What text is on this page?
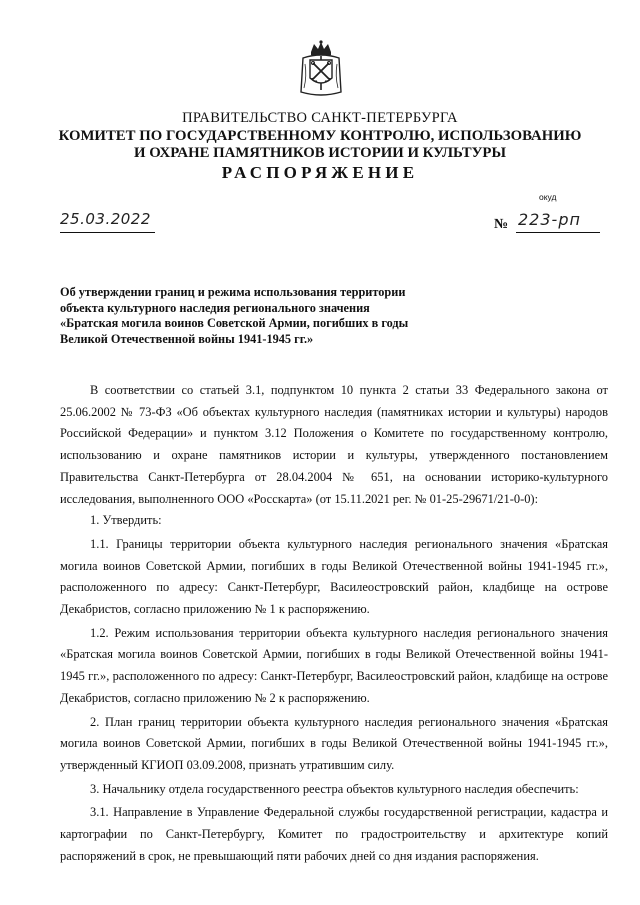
ПРАВИТЕЛЬСТВО САНКТ-ПЕТЕРБУРГА
КОМИТЕТ ПО ГОСУДАРСТВЕННОМУ КОНТРОЛЮ, ИСПОЛЬЗОВАНИЮ
И ОХРАНЕ ПАМЯТНИКОВ ИСТОРИИ И КУЛЬТУРЫ
РАСПОРЯЖЕНИЕ
окуд
25.03.2022	№ 223-рп
Об утверждении границ и режима использования территории
объекта культурного наследия регионального значения
«Братская могила воинов Советской Армии, погибших в годы
Великой Отечественной войны 1941-1945 гг.»

В соответствии со статьей 3.1, подпунктом 10 пункта 2 статьи 33 Федерального закона от 25.06.2002 № 73-ФЗ «Об объектах культурного наследия (памятниках истории и культуры) народов Российской Федерации» и пунктом 3.12 Положения о Комитете по государственному контролю, использованию и охране памятников истории и культуры, утвержденного постановлением Правительства Санкт-Петербурга от 28.04.2004 № 651, на основании историко-культурного исследования, выполненного ООО «Росскарта» (от 15.11.2021 рег. № 01-25-29671/21-0-0):

1. Утвердить:

1.1. Границы территории объекта культурного наследия регионального значения «Братская могила воинов Советской Армии, погибших в годы Великой Отечественной войны 1941-1945 гг.», расположенного по адресу: Санкт-Петербург, Василеостровский район, кладбище на острове Декабристов, согласно приложению № 1 к распоряжению.

1.2. Режим использования территории объекта культурного наследия регионального значения «Братская могила воинов Советской Армии, погибших в годы Великой Отечественной войны 1941-1945 гг.», расположенного по адресу: Санкт-Петербург, Василеостровский район, кладбище на острове Декабристов, согласно приложению № 2 к распоряжению.

2. План границ территории объекта культурного наследия регионального значения «Братская могила воинов Советской Армии, погибших в годы Великой Отечественной войны 1941-1945 гг.», утвержденный КГИОП 03.09.2008, признать утратившим силу.

3. Начальнику отдела государственного реестра объектов культурного наследия обеспечить:

3.1. Направление в Управление Федеральной службы государственной регистрации, кадастра и картографии по Санкт-Петербургу, Комитет по градостроительству и архитектуре копий распоряжений в срок, не превышающий пяти рабочих дней со дня издания распоряжения.
